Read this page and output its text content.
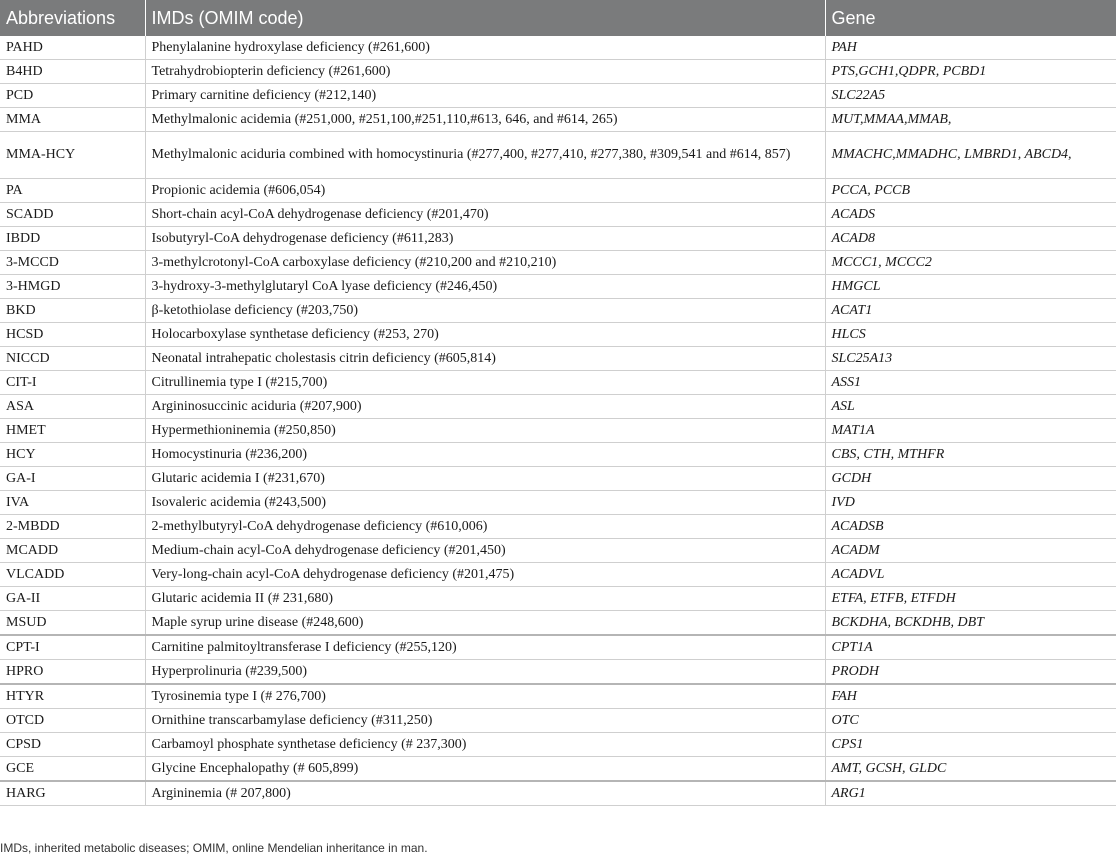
Abbreviations	IMDs (OMIM code)	Gene
PAHD	Phenylalanine hydroxylase deficiency (#261,600)	PAH
B4HD	Tetrahydrobiopterin deficiency (#261,600)	PTS,GCH1,QDPR, PCBD1
PCD	Primary carnitine deficiency (#212,140)	SLC22A5
MMA	Methylmalonic acidemia (#251,000, #251,100,#251,110,#613, 646, and #614, 265)	MUT,MMAA,MMAB,
MMA-HCY	Methylmalonic aciduria combined with homocystinuria (#277,400, #277,410, #277,380, #309,541 and #614, 857)	MMACHC,MMADHC, LMBRD1, ABCD4,
PA	Propionic acidemia (#606,054)	PCCA, PCCB
SCADD	Short-chain acyl-CoA dehydrogenase deficiency (#201,470)	ACADS
IBDD	Isobutyryl-CoA dehydrogenase deficiency (#611,283)	ACAD8
3-MCCD	3-methylcrotonyl-CoA carboxylase deficiency (#210,200 and #210,210)	MCCC1, MCCC2
3-HMGD	3-hydroxy-3-methylglutaryl CoA lyase deficiency (#246,450)	HMGCL
BKD	β-ketothiolase deficiency (#203,750)	ACAT1
HCSD	Holocarboxylase synthetase deficiency (#253, 270)	HLCS
NICCD	Neonatal intrahepatic cholestasis citrin deficiency (#605,814)	SLC25A13
CIT-I	Citrullinemia type I (#215,700)	ASS1
ASA	Argininosuccinic aciduria (#207,900)	ASL
HMET	Hypermethioninemia (#250,850)	MAT1A
HCY	Homocystinuria (#236,200)	CBS, CTH, MTHFR
GA-I	Glutaric acidemia I (#231,670)	GCDH
IVA	Isovaleric acidemia (#243,500)	IVD
2-MBDD	2-methylbutyryl-CoA dehydrogenase deficiency (#610,006)	ACADSB
MCADD	Medium-chain acyl-CoA dehydrogenase deficiency (#201,450)	ACADM
VLCADD	Very-long-chain acyl-CoA dehydrogenase deficiency (#201,475)	ACADVL
GA-II	Glutaric acidemia II (# 231,680)	ETFA, ETFB, ETFDH
MSUD	Maple syrup urine disease (#248,600)	BCKDHA, BCKDHB, DBT
CPT-I	Carnitine palmitoyltransferase I deficiency (#255,120)	CPT1A
HPRO	Hyperprolinuria (#239,500)	PRODH
HTYR	Tyrosinemia type I (# 276,700)	FAH
OTCD	Ornithine transcarbamylase deficiency (#311,250)	OTC
CPSD	Carbamoyl phosphate synthetase deficiency (# 237,300)	CPS1
GCE	Glycine Encephalopathy (# 605,899)	AMT, GCSH, GLDC
HARG	Argininemia (# 207,800)	ARG1
IMDs, inherited metabolic diseases; OMIM, online Mendelian inheritance in man.
